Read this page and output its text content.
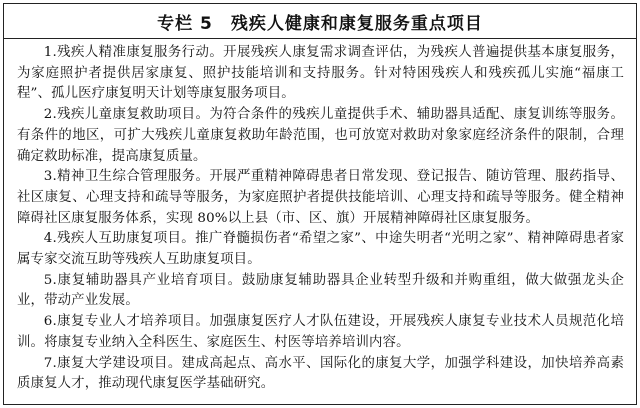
专栏 5　残疾人健康和康复服务重点项目

1.残疾人精准康复服务行动。开展残疾人康复需求调查评估，为残疾人普遍提供基本康复服务，为家庭照护者提供居家康复、照护技能培训和支持服务。针对特困残疾人和残疾孤儿实施“福康工程”、孤儿医疗康复明天计划等康复服务项目。

2.残疾儿童康复救助项目。为符合条件的残疾儿童提供手术、辅助器具适配、康复训练等服务。有条件的地区，可扩大残疾儿童康复救助年龄范围，也可放宽对救助对象家庭经济条件的限制，合理确定救助标准，提高康复质量。

3.精神卫生综合管理服务。开展严重精神障碍患者日常发现、登记报告、随访管理、服药指导、社区康复、心理支持和疏导等服务，为家庭照护者提供技能培训、心理支持和疏导等服务。健全精神障碍社区康复服务体系，实现 80%以上县（市、区、旗）开展精神障碍社区康复服务。

4.残疾人互助康复项目。推广脊髓损伤者“希望之家”、中途失明者“光明之家”、精神障碍患者家属专家交流互助等残疾人互助康复项目。

5.康复辅助器具产业培育项目。鼓励康复辅助器具企业转型升级和并购重组，做大做强龙头企业，带动产业发展。

6.康复专业人才培养项目。加强康复医疗人才队伍建设，开展残疾人康复专业技术人员规范化培训。将康复专业纳入全科医生、家庭医生、村医等培养培训内容。

7.康复大学建设项目。建成高起点、高水平、国际化的康复大学，加强学科建设，加快培养高素质康复人才，推动现代康复医学基础研究。
